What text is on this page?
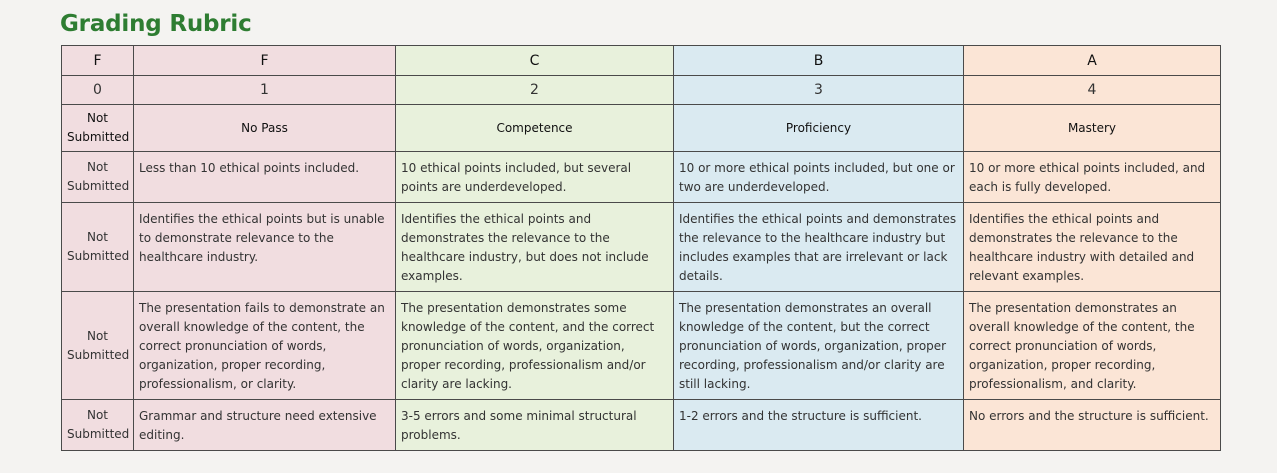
Grading Rubric
F	F	C	B	A
0	1	2	3	4
Not Submitted	No Pass	Competence	Proficiency	Mastery
Not Submitted	Less than 10 ethical points included.	10 ethical points included, but several points are underdeveloped.	10 or more ethical points included, but one or two are underdeveloped.	10 or more ethical points included, and each is fully developed.
Not Submitted	Identifies the ethical points but is unable to demonstrate relevance to the healthcare industry.	Identifies the ethical points and demonstrates the relevance to the healthcare industry, but does not include examples.	Identifies the ethical points and demonstrates the relevance to the healthcare industry but includes examples that are irrelevant or lack details.	Identifies the ethical points and demonstrates the relevance to the healthcare industry with detailed and relevant examples.
Not Submitted	The presentation fails to demonstrate an overall knowledge of the content, the correct pronunciation of words, organization, proper recording, professionalism, or clarity.	The presentation demonstrates some knowledge of the content, and the correct pronunciation of words, organization, proper recording, professionalism and/or clarity are lacking.	The presentation demonstrates an overall knowledge of the content, but the correct pronunciation of words, organization, proper recording, professionalism and/or clarity are still lacking.	The presentation demonstrates an overall knowledge of the content, the correct pronunciation of words, organization, proper recording, professionalism, and clarity.
Not Submitted	Grammar and structure need extensive editing.	3-5 errors and some minimal structural problems.	1-2 errors and the structure is sufficient.	No errors and the structure is sufficient.
